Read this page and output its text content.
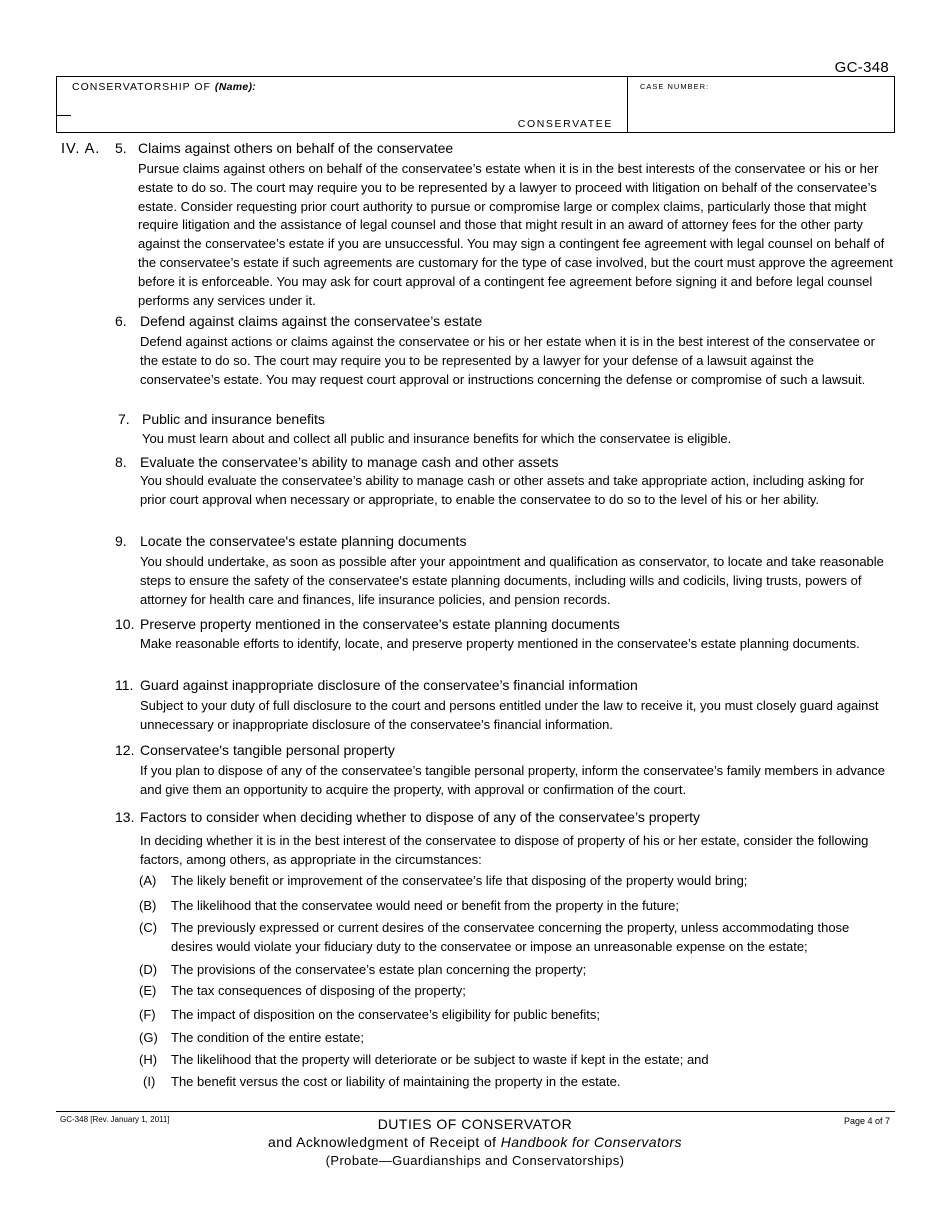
GC-348
CONSERVATORSHIP OF (Name):
CONSERVATEE
CASE NUMBER:
IV. A. 5. Claims against others on behalf of the conservatee
Pursue claims against others on behalf of the conservatee’s estate when it is in the best interests of the conservatee or his or her estate to do so. The court may require you to be represented by a lawyer to proceed with litigation on behalf of the conservatee’s estate. Consider requesting prior court authority to pursue or compromise large or complex claims, particularly those that might require litigation and the assistance of legal counsel and those that might result in an award of attorney fees for the other party against the conservatee’s estate if you are unsuccessful. You may sign a contingent fee agreement with legal counsel on behalf of the conservatee’s estate if such agreements are customary for the type of case involved, but the court must approve the agreement before it is enforceable. You may ask for court approval of a contingent fee agreement before signing it and before legal counsel performs any services under it.
6. Defend against claims against the conservatee’s estate
Defend against actions or claims against the conservatee or his or her estate when it is in the best interest of the conservatee or the estate to do so. The court may require you to be represented by a lawyer for your defense of a lawsuit against the conservatee’s estate. You may request court approval or instructions concerning the defense or compromise of such a lawsuit.
7. Public and insurance benefits
You must learn about and collect all public and insurance benefits for which the conservatee is eligible.
8. Evaluate the conservatee’s ability to manage cash and other assets
You should evaluate the conservatee’s ability to manage cash or other assets and take appropriate action, including asking for prior court approval when necessary or appropriate, to enable the conservatee to do so to the level of his or her ability.
9. Locate the conservatee's estate planning documents
You should undertake, as soon as possible after your appointment and qualification as conservator, to locate and take reasonable steps to ensure the safety of the conservatee's estate planning documents, including wills and codicils, living trusts, powers of attorney for health care and finances, life insurance policies, and pension records.
10. Preserve property mentioned in the conservatee's estate planning documents
Make reasonable efforts to identify, locate, and preserve property mentioned in the conservatee’s estate planning documents.
11. Guard against inappropriate disclosure of the conservatee’s financial information
Subject to your duty of full disclosure to the court and persons entitled under the law to receive it, you must closely guard against unnecessary or inappropriate disclosure of the conservatee's financial information.
12. Conservatee's tangible personal property
If you plan to dispose of any of the conservatee’s tangible personal property, inform the conservatee’s family members in advance and give them an opportunity to acquire the property, with approval or confirmation of the court.
13. Factors to consider when deciding whether to dispose of any of the conservatee’s property
In deciding whether it is in the best interest of the conservatee to dispose of property of his or her estate, consider the following factors, among others, as appropriate in the circumstances:
(A) The likely benefit or improvement of the conservatee’s life that disposing of the property would bring;
(B) The likelihood that the conservatee would need or benefit from the property in the future;
(C) The previously expressed or current desires of the conservatee concerning the property, unless accommodating those desires would violate your fiduciary duty to the conservatee or impose an unreasonable expense on the estate;
(D) The provisions of the conservatee’s estate plan concerning the property;
(E) The tax consequences of disposing of the property;
(F) The impact of disposition on the conservatee’s eligibility for public benefits;
(G) The condition of the entire estate;
(H) The likelihood that the property will deteriorate or be subject to waste if kept in the estate; and
(I) The benefit versus the cost or liability of maintaining the property in the estate.
GC-348 [Rev. January 1, 2011]	Page 4 of 7
DUTIES OF CONSERVATOR
and Acknowledgment of Receipt of Handbook for Conservators
(Probate—Guardianships and Conservatorships)
